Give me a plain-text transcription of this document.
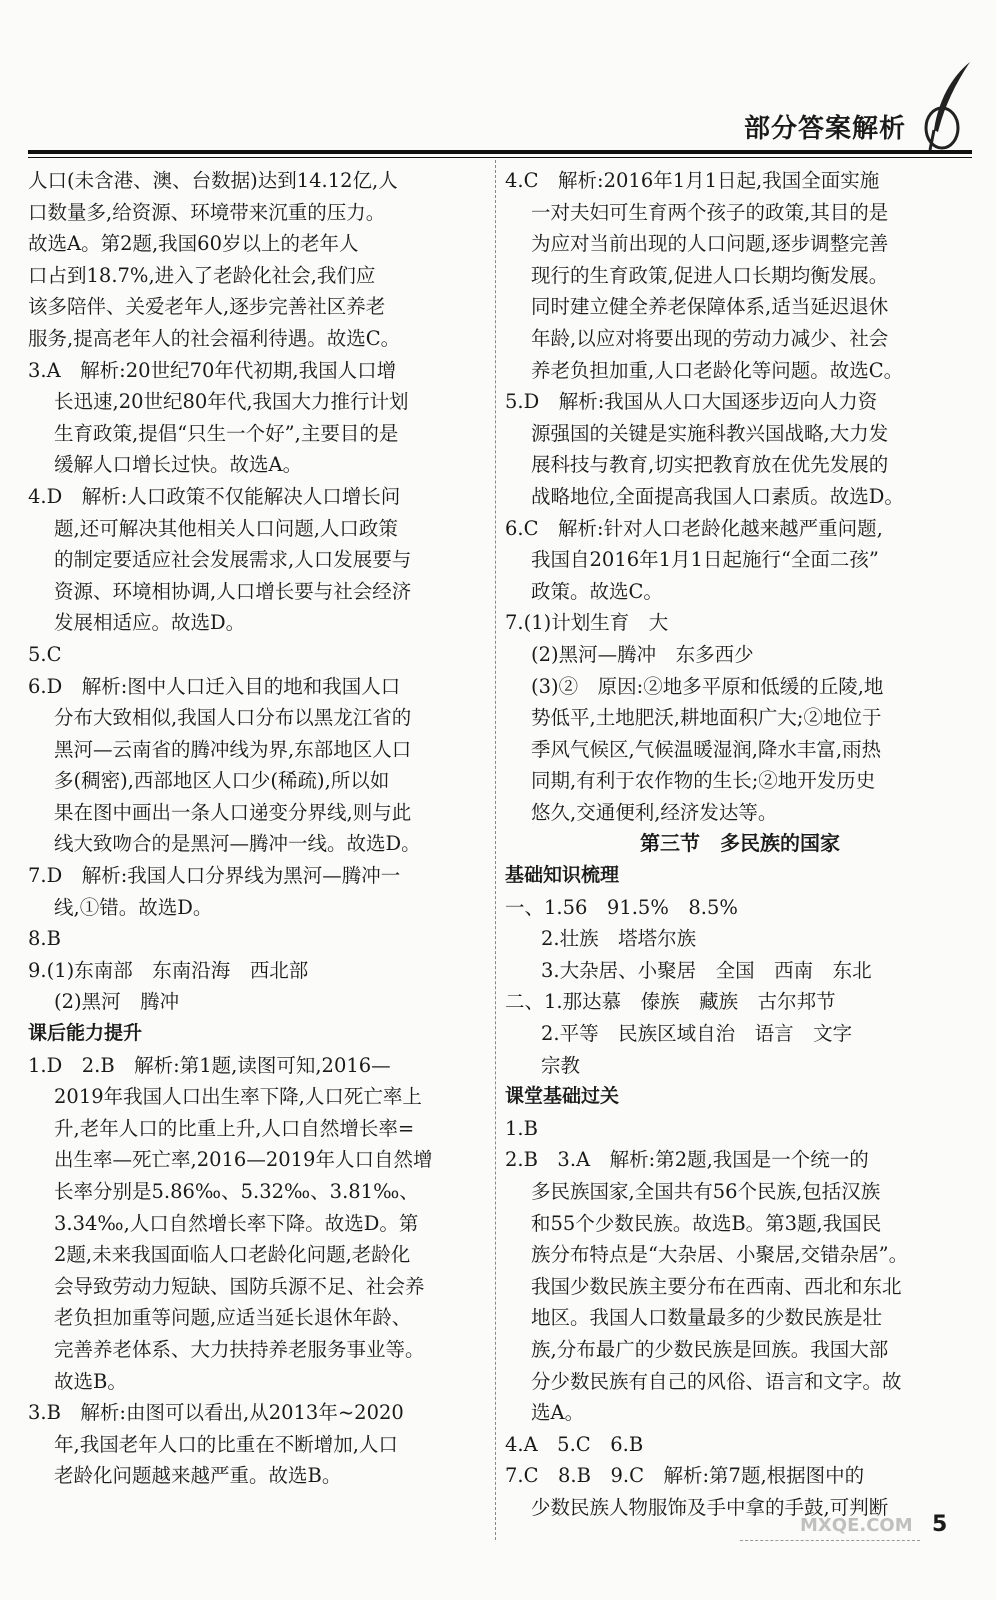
部分答案解析
人口(未含港、澳、台数据)达到14.12亿,人
口数量多,给资源、环境带来沉重的压力。
故选A。第2题,我国60岁以上的老年人
口占到18.7%,进入了老龄化社会,我们应
该多陪伴、关爱老年人,逐步完善社区养老
服务,提高老年人的社会福利待遇。故选C。
3.A　解析:20世纪70年代初期,我国人口增
长迅速,20世纪80年代,我国大力推行计划
生育政策,提倡“只生一个好”,主要目的是
缓解人口增长过快。故选A。
4.D　解析:人口政策不仅能解决人口增长问
题,还可解决其他相关人口问题,人口政策
的制定要适应社会发展需求,人口发展要与
资源、环境相协调,人口增长要与社会经济
发展相适应。故选D。
5.C
6.D　解析:图中人口迁入目的地和我国人口
分布大致相似,我国人口分布以黑龙江省的
黑河—云南省的腾冲线为界,东部地区人口
多(稠密),西部地区人口少(稀疏),所以如
果在图中画出一条人口递变分界线,则与此
线大致吻合的是黑河—腾冲一线。故选D。
7.D　解析:我国人口分界线为黑河—腾冲一
线,①错。故选D。
8.B
9.(1)东南部　东南沿海　西北部
(2)黑河　腾冲
课后能力提升
1.D　2.B　解析:第1题,读图可知,2016—
2019年我国人口出生率下降,人口死亡率上
升,老年人口的比重上升,人口自然增长率=
出生率—死亡率,2016—2019年人口自然增
长率分别是5.86‰、5.32‰、3.81‰、
3.34‰,人口自然增长率下降。故选D。第
2题,未来我国面临人口老龄化问题,老龄化
会导致劳动力短缺、国防兵源不足、社会养
老负担加重等问题,应适当延长退休年龄、
完善养老体系、大力扶持养老服务事业等。
故选B。
3.B　解析:由图可以看出,从2013年~2020
年,我国老年人口的比重在不断增加,人口
老龄化问题越来越严重。故选B。
4.C　解析:2016年1月1日起,我国全面实施
一对夫妇可生育两个孩子的政策,其目的是
为应对当前出现的人口问题,逐步调整完善
现行的生育政策,促进人口长期均衡发展。
同时建立健全养老保障体系,适当延迟退休
年龄,以应对将要出现的劳动力减少、社会
养老负担加重,人口老龄化等问题。故选C。
5.D　解析:我国从人口大国逐步迈向人力资
源强国的关键是实施科教兴国战略,大力发
展科技与教育,切实把教育放在优先发展的
战略地位,全面提高我国人口素质。故选D。
6.C　解析:针对人口老龄化越来越严重问题,
我国自2016年1月1日起施行“全面二孩”
政策。故选C。
7.(1)计划生育　大
(2)黑河—腾冲　东多西少
(3)②　原因:②地多平原和低缓的丘陵,地
势低平,土地肥沃,耕地面积广大;②地位于
季风气候区,气候温暖湿润,降水丰富,雨热
同期,有利于农作物的生长;②地开发历史
悠久,交通便利,经济发达等。
第三节　多民族的国家
基础知识梳理
一、1.56　91.5%　8.5%
2.壮族　塔塔尔族
3.大杂居、小聚居　全国　西南　东北
二、1.那达慕　傣族　藏族　古尔邦节
2.平等　民族区域自治　语言　文字
宗教
课堂基础过关
1.B
2.B　3.A　解析:第2题,我国是一个统一的
多民族国家,全国共有56个民族,包括汉族
和55个少数民族。故选B。第3题,我国民
族分布特点是“大杂居、小聚居,交错杂居”。
我国少数民族主要分布在西南、西北和东北
地区。我国人口数量最多的少数民族是壮
族,分布最广的少数民族是回族。我国大部
分少数民族有自己的风俗、语言和文字。故
选A。
4.A　5.C　6.B
7.C　8.B　9.C　解析:第7题,根据图中的
少数民族人物服饰及手中拿的手鼓,可判断
MXQE.COM 5
